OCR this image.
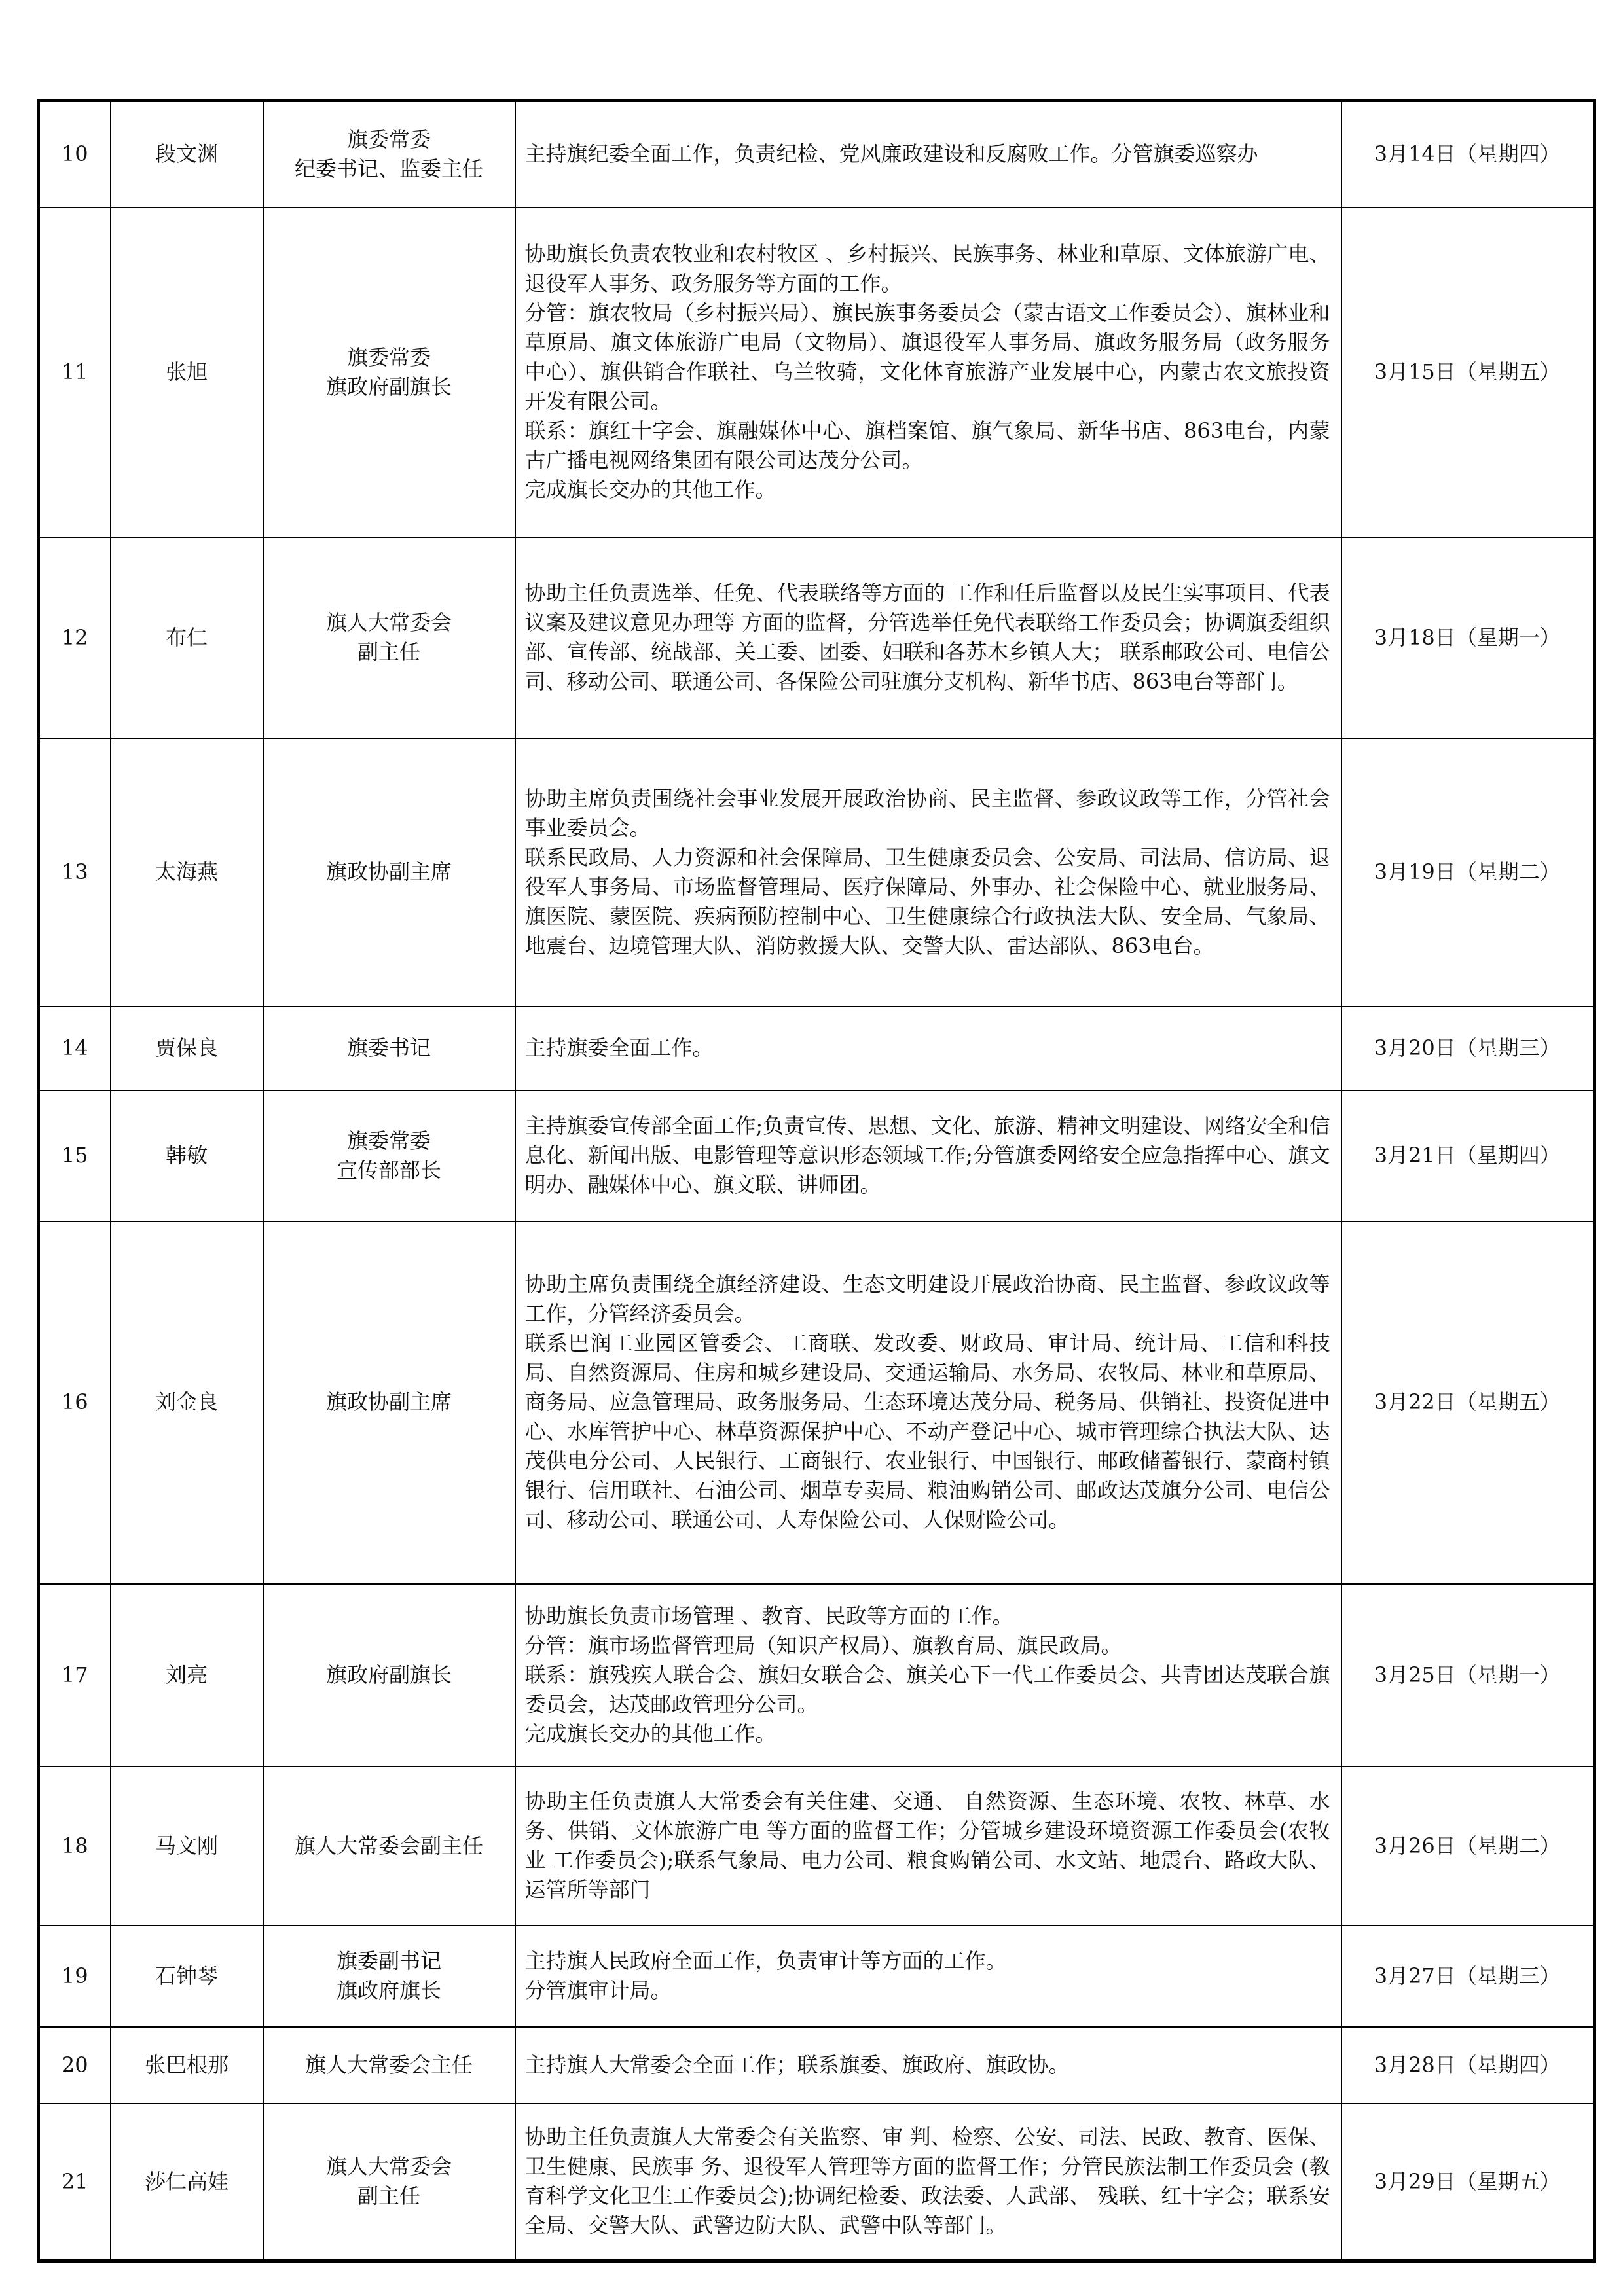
10	段文渊	旗委常委
纪委书记、监委主任	主持旗纪委全面工作，负责纪检、党风廉政建设和反腐败工作。分管旗委巡察办	3月14日（星期四）
11	张旭	旗委常委
旗政府副旗长	协助旗长负责农牧业和农村牧区 、乡村振兴、民族事务、林业和草原、文体旅游广电、退役军人事务、政务服务等方面的工作。
分管：旗农牧局（乡村振兴局）、旗民族事务委员会（蒙古语文工作委员会）、旗林业和草原局、旗文体旅游广电局（文物局）、旗退役军人事务局、旗政务服务局（政务服务中心）、旗供销合作联社、乌兰牧骑，文化体育旅游产业发展中心，内蒙古农文旅投资开发有限公司。
联系：旗红十字会、旗融媒体中心、旗档案馆、旗气象局、新华书店、863电台，内蒙古广播电视网络集团有限公司达茂分公司。
完成旗长交办的其他工作。	3月15日（星期五）
12	布仁	旗人大常委会
副主任	协助主任负责选举、任免、代表联络等方面的 工作和任后监督以及民生实事项目、代表议案及建议意见办理等 方面的监督，分管选举任免代表联络工作委员会；协调旗委组织 部、宣传部、统战部、关工委、团委、妇联和各苏木乡镇人大； 联系邮政公司、电信公司、移动公司、联通公司、各保险公司驻旗分支机构、新华书店、863电台等部门。	3月18日（星期一）
13	太海燕	旗政协副主席	协助主席负责围绕社会事业发展开展政治协商、民主监督、参政议政等工作，分管社会事业委员会。
联系民政局、人力资源和社会保障局、卫生健康委员会、公安局、司法局、信访局、退役军人事务局、市场监督管理局、医疗保障局、外事办、社会保险中心、就业服务局、旗医院、蒙医院、疾病预防控制中心、卫生健康综合行政执法大队、安全局、气象局、地震台、边境管理大队、消防救援大队、交警大队、雷达部队、863电台。	3月19日（星期二）
14	贾保良	旗委书记	主持旗委全面工作。	3月20日（星期三）
15	韩敏	旗委常委
宣传部部长	主持旗委宣传部全面工作;负责宣传、思想、文化、旅游、精神文明建设、网络安全和信息化、新闻出版、电影管理等意识形态领域工作;分管旗委网络安全应急指挥中心、旗文明办、融媒体中心、旗文联、讲师团。	3月21日（星期四）
16	刘金良	旗政协副主席	协助主席负责围绕全旗经济建设、生态文明建设开展政治协商、民主监督、参政议政等工作，分管经济委员会。
联系巴润工业园区管委会、工商联、发改委、财政局、审计局、统计局、工信和科技局、自然资源局、住房和城乡建设局、交通运输局、水务局、农牧局、林业和草原局、商务局、应急管理局、政务服务局、生态环境达茂分局、税务局、供销社、投资促进中心、水库管护中心、林草资源保护中心、不动产登记中心、城市管理综合执法大队、达茂供电分公司、人民银行、工商银行、农业银行、中国银行、邮政储蓄银行、蒙商村镇银行、信用联社、石油公司、烟草专卖局、粮油购销公司、邮政达茂旗分公司、电信公司、移动公司、联通公司、人寿保险公司、人保财险公司。	3月22日（星期五）
17	刘亮	旗政府副旗长	协助旗长负责市场管理 、教育、民政等方面的工作。
分管：旗市场监督管理局（知识产权局）、旗教育局、旗民政局。
联系：旗残疾人联合会、旗妇女联合会、旗关心下一代工作委员会、共青团达茂联合旗委员会，达茂邮政管理分公司。
完成旗长交办的其他工作。	3月25日（星期一）
18	马文刚	旗人大常委会副主任	协助主任负责旗人大常委会有关住建、交通、 自然资源、生态环境、农牧、林草、水务、供销、文体旅游广电 等方面的监督工作；分管城乡建设环境资源工作委员会(农牧业 工作委员会);联系气象局、电力公司、粮食购销公司、水文站、地震台、路政大队、运管所等部门	3月26日（星期二）
19	石钟琴	旗委副书记
旗政府旗长	主持旗人民政府全面工作，负责审计等方面的工作。
分管旗审计局。	3月27日（星期三）
20	张巴根那	旗人大常委会主任	主持旗人大常委会全面工作；联系旗委、旗政府、旗政协。	3月28日（星期四）
21	莎仁高娃	旗人大常委会
副主任	协助主任负责旗人大常委会有关监察、审 判、检察、公安、司法、民政、教育、医保、卫生健康、民族事 务、退役军人管理等方面的监督工作；分管民族法制工作委员会 (教育科学文化卫生工作委员会);协调纪检委、政法委、人武部、 残联、红十字会；联系安全局、交警大队、武警边防大队、武警中队等部门。	3月29日（星期五）
